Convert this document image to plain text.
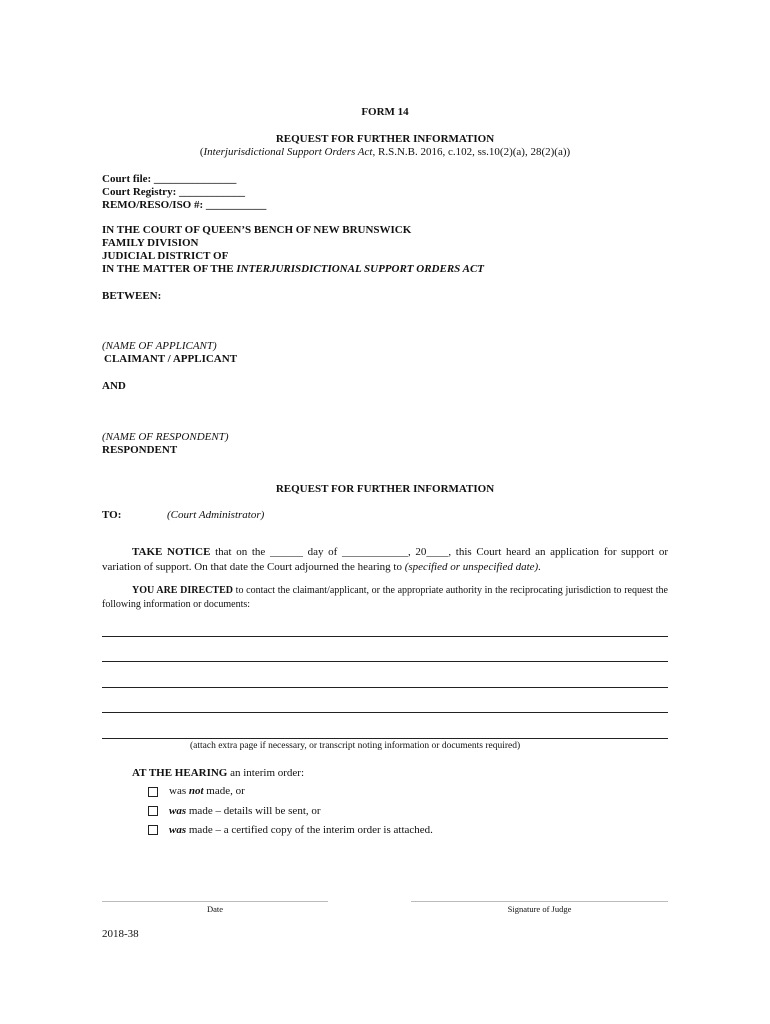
FORM 14
REQUEST FOR FURTHER INFORMATION
(Interjurisdictional Support Orders Act, R.S.N.B. 2016, c.102, ss.10(2)(a), 28(2)(a))
Court file: _______________
Court Registry: ____________
REMO/RESO/ISO #: ___________
IN THE COURT OF QUEEN’S BENCH OF NEW BRUNSWICK
FAMILY DIVISION
JUDICIAL DISTRICT OF
IN THE MATTER OF THE INTERJURISDICTIONAL SUPPORT ORDERS ACT
BETWEEN:
(NAME OF APPLICANT)
CLAIMANT / APPLICANT
AND
(NAME OF RESPONDENT)
RESPONDENT
REQUEST FOR FURTHER INFORMATION
TO:	(Court Administrator)
TAKE NOTICE that on the ______ day of ____________, 20____, this Court heard an application for support or variation of support. On that date the Court adjourned the hearing to (specified or unspecified date).
YOU ARE DIRECTED to contact the claimant/applicant, or the appropriate authority in the reciprocating jurisdiction to request the following information or documents:
(attach extra page if necessary, or transcript noting information or documents required)
AT THE HEARING an interim order:
was not made, or
was made – details will be sent, or
was made – a certified copy of the interim order is attached.
Date	Signature of Judge
2018-38
